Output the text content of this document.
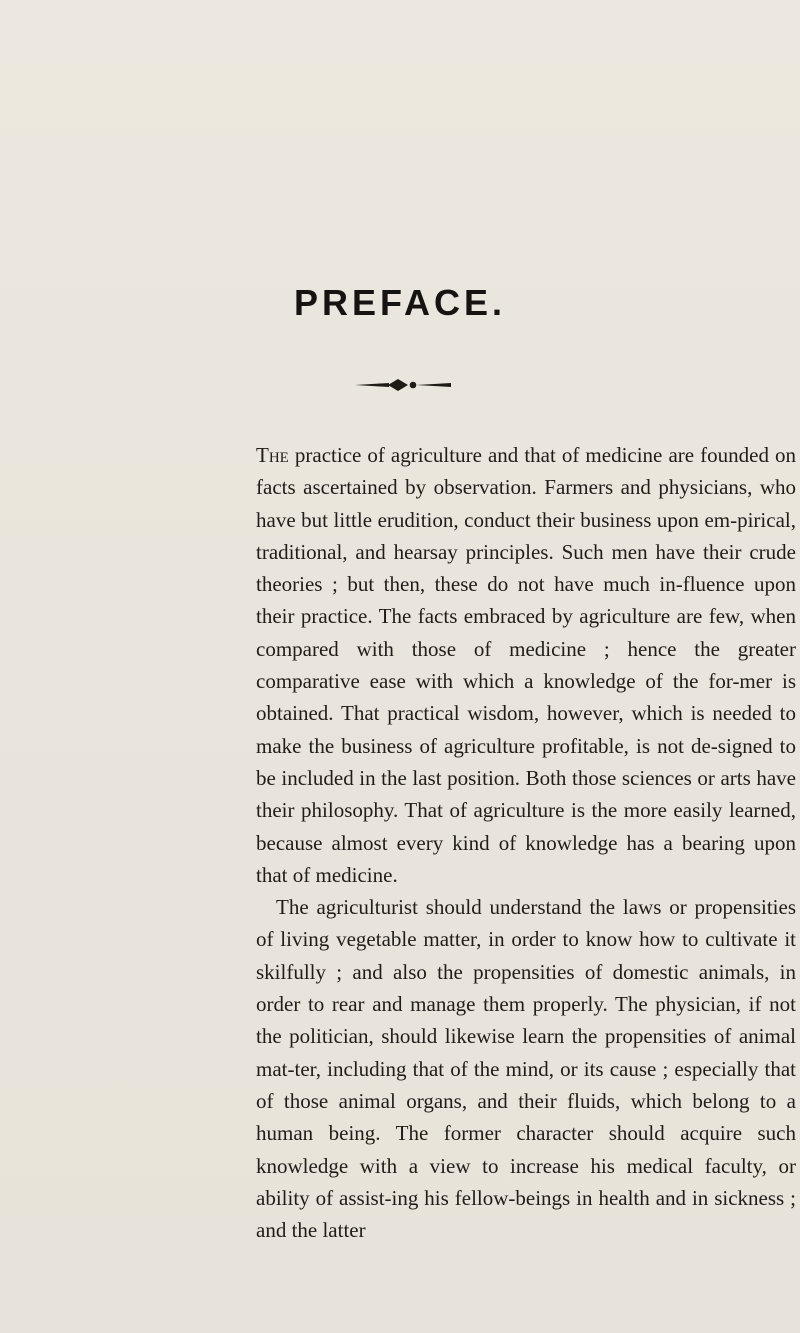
PREFACE.

The practice of agriculture and that of medicine are founded on facts ascertained by observation. Farmers and physicians, who have but little erudition, conduct their business upon em-pirical, traditional, and hearsay principles. Such men have their crude theories ; but then, these do not have much in-fluence upon their practice. The facts embraced by agriculture are few, when compared with those of medicine ; hence the greater comparative ease with which a knowledge of the for-mer is obtained. That practical wisdom, however, which is needed to make the business of agriculture profitable, is not de-signed to be included in the last position. Both those sciences or arts have their philosophy. That of agriculture is the more easily learned, because almost every kind of knowledge has a bearing upon that of medicine.

The agriculturist should understand the laws or propensities of living vegetable matter, in order to know how to cultivate it skilfully ; and also the propensities of domestic animals, in order to rear and manage them properly. The physician, if not the politician, should likewise learn the propensities of animal mat-ter, including that of the mind, or its cause ; especially that of those animal organs, and their fluids, which belong to a human being. The former character should acquire such knowledge with a view to increase his medical faculty, or ability of assist-ing his fellow-beings in health and in sickness ; and the latter
